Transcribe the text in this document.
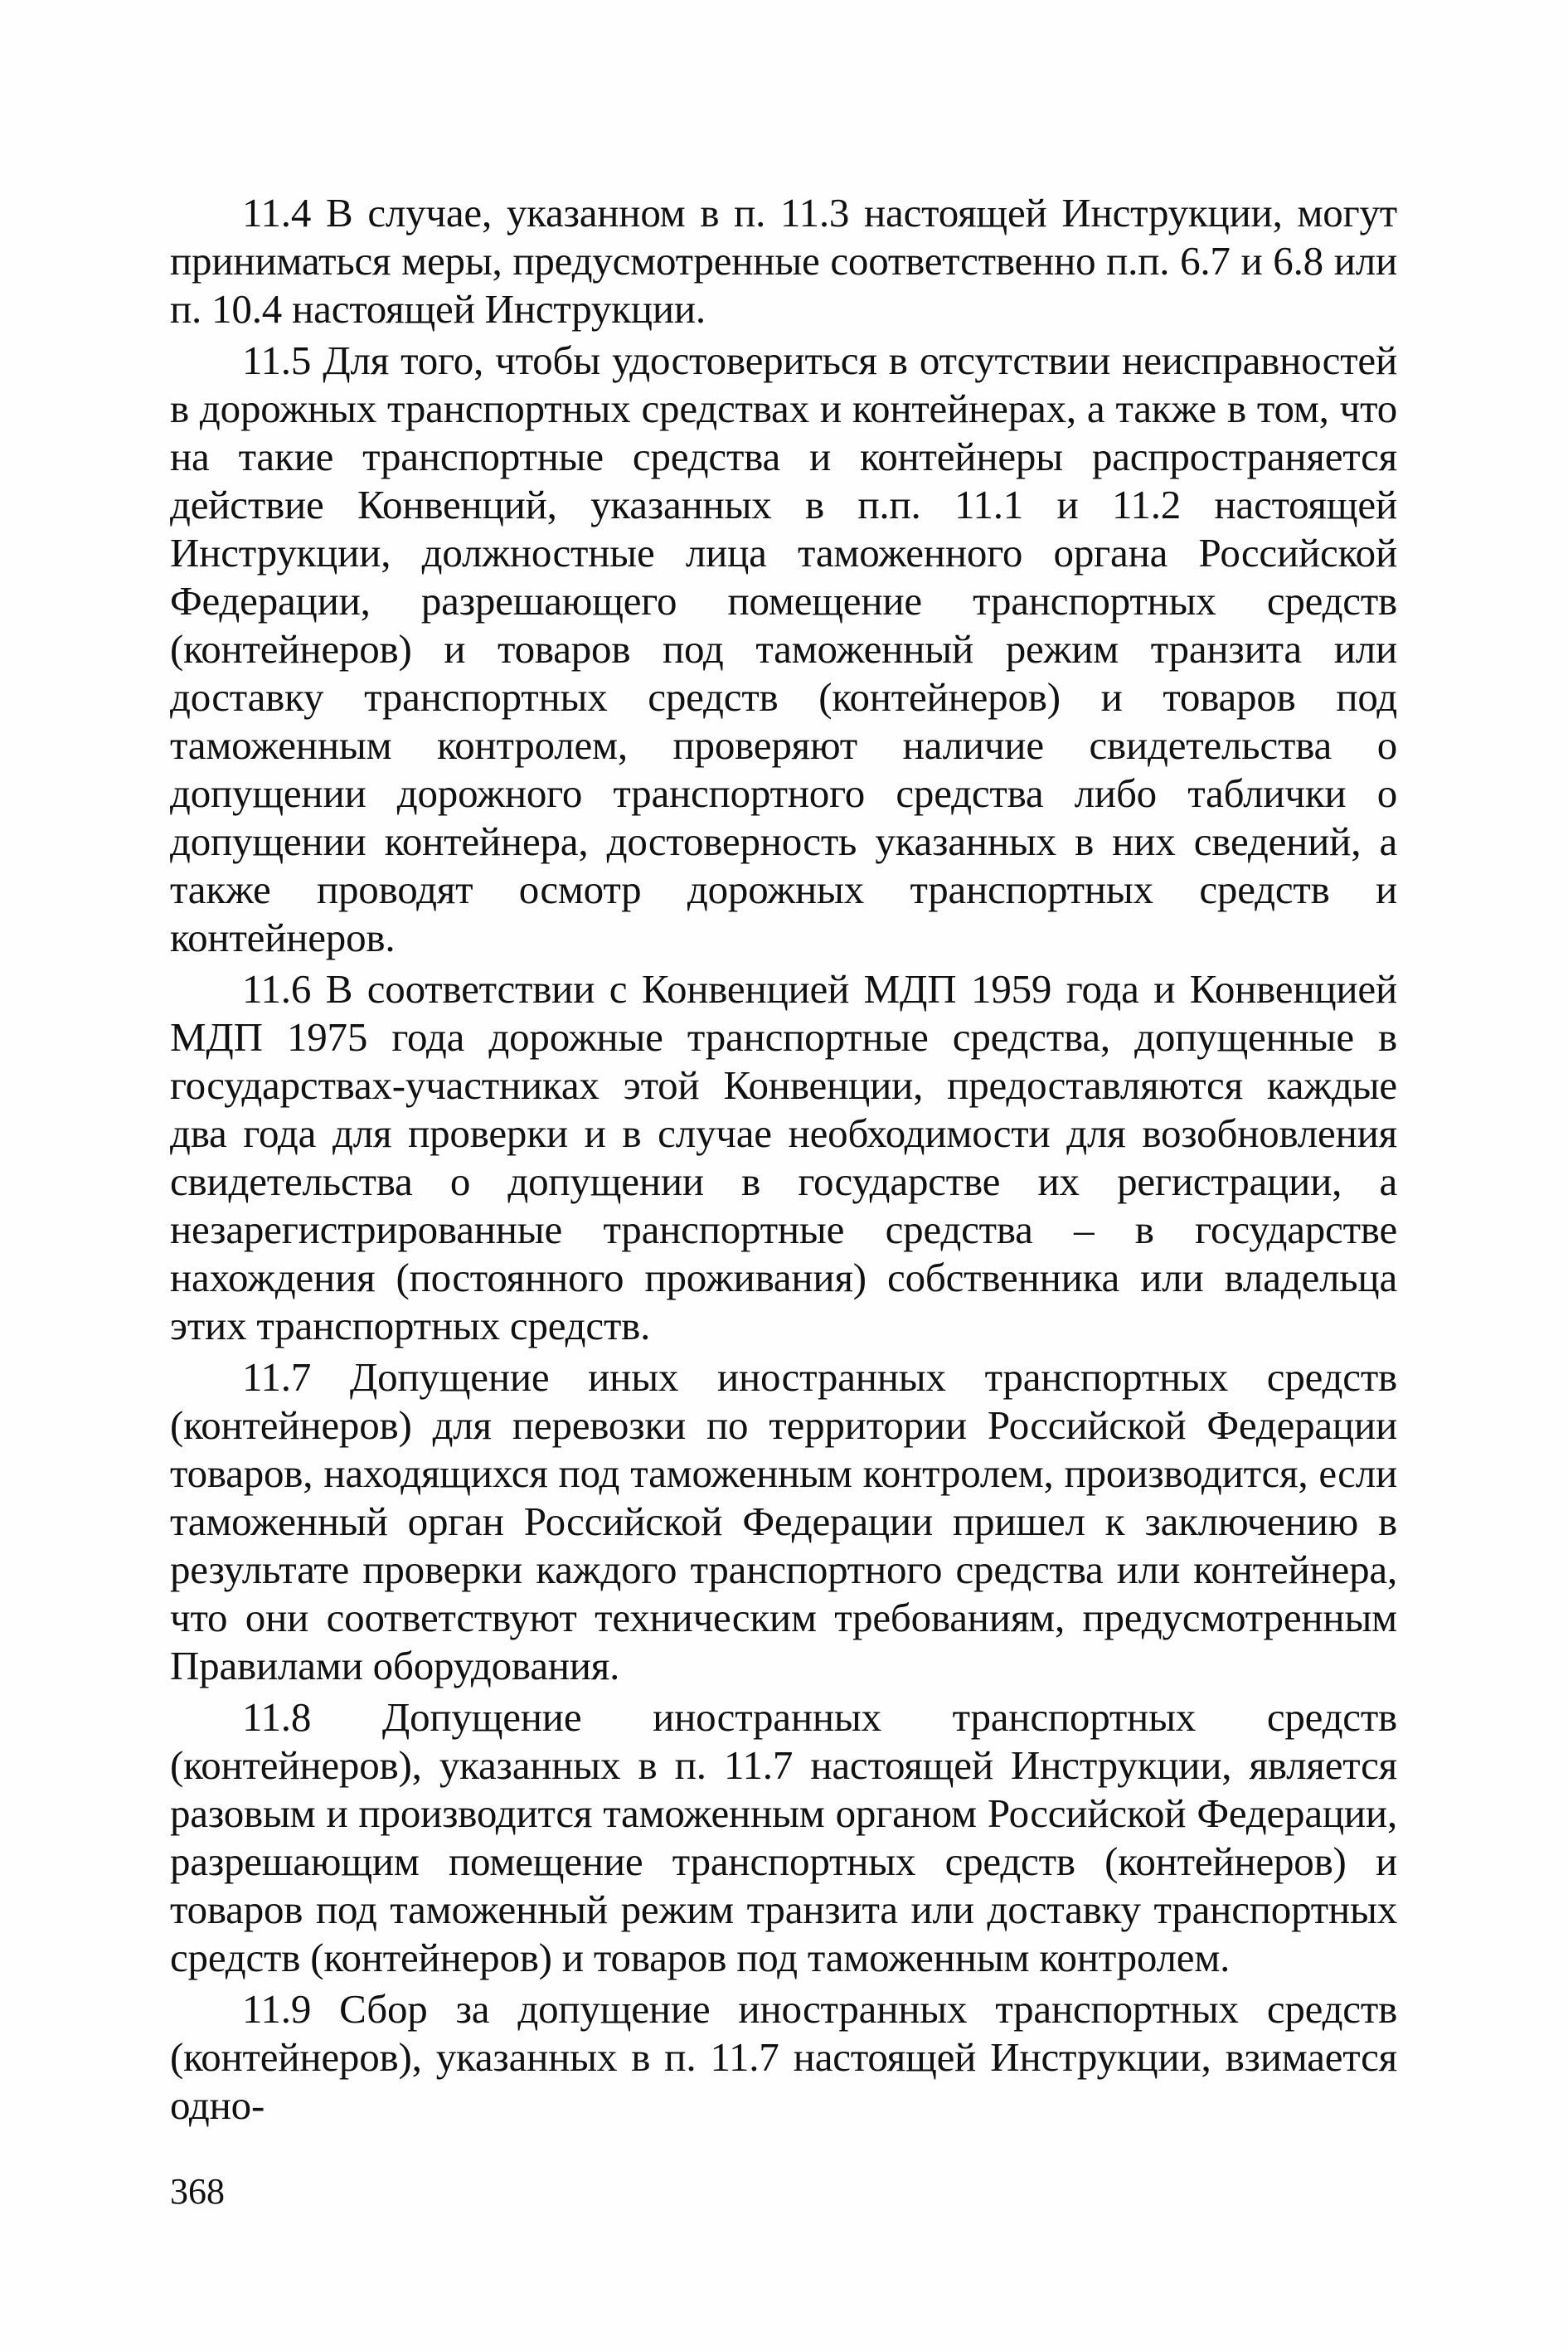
11.4 В случае, указанном в п. 11.3 настоящей Инструкции, могут приниматься меры, предусмотренные соответственно п.п. 6.7 и 6.8 или п. 10.4 настоящей Инструкции.

11.5 Для того, чтобы удостовериться в отсутствии неисправностей в дорожных транспортных средствах и контейнерах, а также в том, что на такие транспортные средства и контейнеры распространяется действие Конвенций, указанных в п.п. 11.1 и 11.2 настоящей Инструкции, должностные лица таможенного органа Российской Федерации, разрешающего помещение транспортных средств (контейнеров) и товаров под таможенный режим транзита или доставку транспортных средств (контейнеров) и товаров под таможенным контролем, проверяют наличие свидетельства о допущении дорожного транспортного средства либо таблички о допущении контейнера, достоверность указанных в них сведений, а также проводят осмотр дорожных транспортных средств и контейнеров.

11.6 В соответствии с Конвенцией МДП 1959 года и Конвенцией МДП 1975 года дорожные транспортные средства, допущенные в государствах-участниках этой Конвенции, предоставляются каждые два года для проверки и в случае необходимости для возобновления свидетельства о допущении в государстве их регистрации, а незарегистрированные транспортные средства – в государстве нахождения (постоянного проживания) собственника или владельца этих транспортных средств.

11.7 Допущение иных иностранных транспортных средств (контейнеров) для перевозки по территории Российской Федерации товаров, находящихся под таможенным контролем, производится, если таможенный орган Российской Федерации пришел к заключению в результате проверки каждого транспортного средства или контейнера, что они соответствуют техническим требованиям, предусмотренным Правилами оборудования.

11.8 Допущение иностранных транспортных средств (контейнеров), указанных в п. 11.7 настоящей Инструкции, является разовым и производится таможенным органом Российской Федерации, разрешающим помещение транспортных средств (контейнеров) и товаров под таможенный режим транзита или доставку транспортных средств (контейнеров) и товаров под таможенным контролем.

11.9 Сбор за допущение иностранных транспортных средств (контейнеров), указанных в п. 11.7 настоящей Инструкции, взимается одно-

368
